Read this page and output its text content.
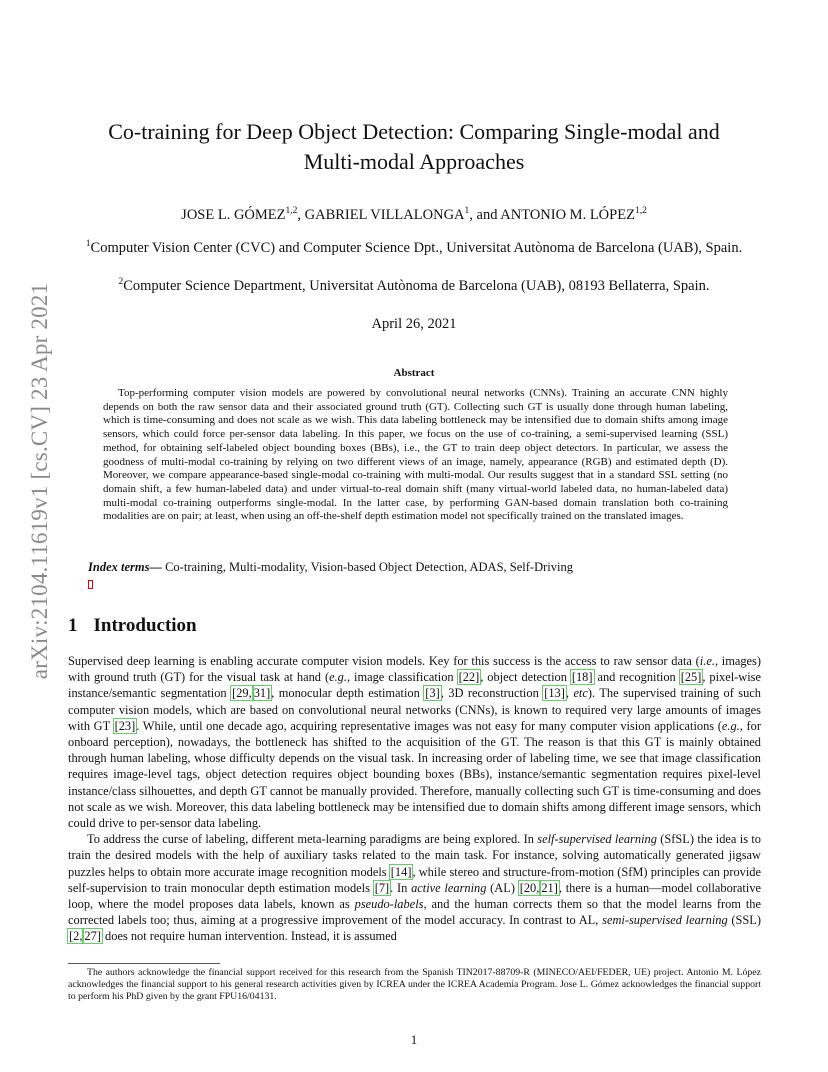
arXiv:2104.11619v1 [cs.CV] 23 Apr 2021
Co-training for Deep Object Detection: Comparing Single-modal and
Multi-modal Approaches
JOSE L. GÓMEZ$^{1,2}$, GABRIEL VILLALONGA$^1$, and ANTONIO M. LÓPEZ$^{1,2}$
$^1$Computer Vision Center (CVC) and Computer Science Dpt., Universitat Autònoma de Barcelona (UAB), Spain.
$^2$Computer Science Department, Universitat Autònoma de Barcelona (UAB), 08193 Bellaterra, Spain.
April 26, 2021
Abstract
Top-performing computer vision models are powered by convolutional neural networks (CNNs). Training an accurate CNN highly depends on both the raw sensor data and their associated ground truth (GT). Collecting such GT is usually done through human labeling, which is time-consuming and does not scale as we wish. This data labeling bottleneck may be intensified due to domain shifts among image sensors, which could force per-sensor data labeling. In this paper, we focus on the use of co-training, a semi-supervised learning (SSL) method, for obtaining self-labeled object bounding boxes (BBs), i.e., the GT to train deep object detectors. In particular, we assess the goodness of multi-modal co-training by relying on two different views of an image, namely, appearance (RGB) and estimated depth (D). Moreover, we compare appearance-based single-modal co-training with multi-modal. Our results suggest that in a standard SSL setting (no domain shift, a few human-labeled data) and under virtual-to-real domain shift (many virtual-world labeled data, no human-labeled data) multi-modal co-training outperforms single-modal. In the latter case, by performing GAN-based domain translation both co-training modalities are on pair; at least, when using an off-the-shelf depth estimation model not specifically trained on the translated images.
Index terms— Co-training, Multi-modality, Vision-based Object Detection, ADAS, Self-Driving
1 Introduction

Supervised deep learning is enabling accurate computer vision models. Key for this success is the access to raw sensor data (i.e., images) with ground truth (GT) for the visual task at hand (e.g., image classification [22], object detection [18] and recognition [25], pixel-wise instance/semantic segmentation [29, 31], monocular depth estimation [3], 3D reconstruction [13], etc). The supervised training of such computer vision models, which are based on convolutional neural networks (CNNs), is known to required very large amounts of images with GT [23]. While, until one decade ago, acquiring representative images was not easy for many computer vision applications (e.g., for onboard perception), nowadays, the bottleneck has shifted to the acquisition of the GT. The reason is that this GT is mainly obtained through human labeling, whose difficulty depends on the visual task. In increasing order of labeling time, we see that image classification requires image-level tags, object detection requires object bounding boxes (BBs), instance/semantic segmentation requires pixel-level instance/class silhouettes, and depth GT cannot be manually provided. Therefore, manually collecting such GT is time-consuming and does not scale as we wish. Moreover, this data labeling bottleneck may be intensified due to domain shifts among different image sensors, which could drive to per-sensor data labeling.

To address the curse of labeling, different meta-learning paradigms are being explored. In self-supervised learning (SfSL) the idea is to train the desired models with the help of auxiliary tasks related to the main task. For instance, solving automatically generated jigsaw puzzles helps to obtain more accurate image recognition models [14], while stereo and structure-from-motion (SfM) principles can provide self-supervision to train monocular depth estimation models [7]. In active learning (AL) [20, 21], there is a human—model collaborative loop, where the model proposes data labels, known as pseudo-labels, and the human corrects them so that the model learns from the corrected labels too; thus, aiming at a progressive improvement of the model accuracy. In contrast to AL, semi-supervised learning (SSL) [2, 27] does not require human intervention. Instead, it is assumed

The authors acknowledge the financial support received for this research from the Spanish TIN2017-88709-R (MINECO/AEI/FEDER, UE) project. Antonio M. López acknowledges the financial support to his general research activities given by ICREA under the ICREA Academia Program. Jose L. Gómez acknowledges the financial support to perform his PhD given by the grant FPU16/04131.
1
